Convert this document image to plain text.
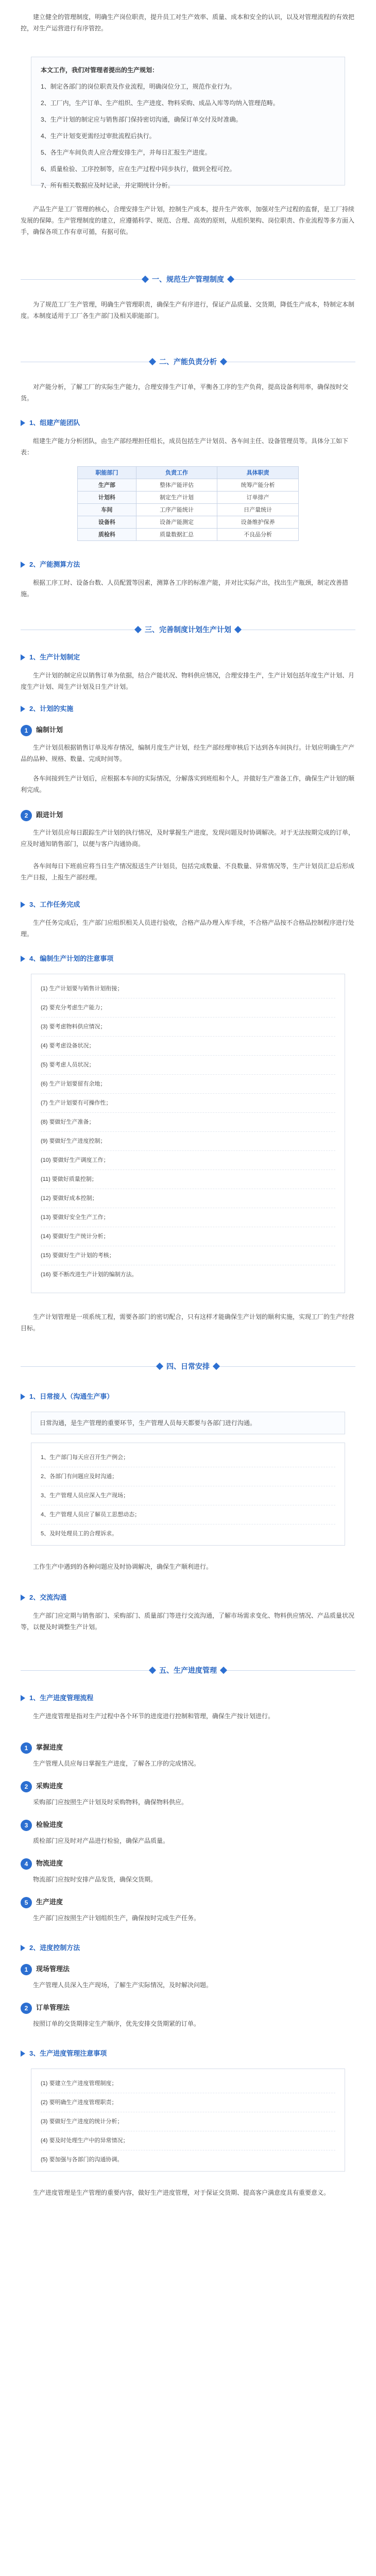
建立健全的管理制度，明确生产岗位职责，提升员工对生产效率、质量、成本和安全的认识，以及对管理流程的有效把控，对生产运营进行有序管控。

本文工作，我们对管理者提出的生产规划：
1、制定各部门的岗位职责及作业流程，明确岗位分工，规范作业行为。
2、工厂内，生产订单、生产组织、生产进度、物料采购、成品入库等均纳入管理范畴。
3、生产计划的制定应与销售部门保持密切沟通，确保订单交付及时准确。
4、生产计划变更需经过审批流程后执行。
5、各生产车间负责人应合理安排生产，并每日汇报生产进度。
6、质量检验、工序控制等，应在生产过程中同步执行，做到全程可控。
7、所有相关数据应及时记录，并定期统计分析。

产品生产是工厂管理的核心，合理安排生产计划，控制生产成本，提升生产效率，加强对生产过程的监督，是工厂持续发展的保障。生产管理制度的建立，应遵循科学、规范、合理、高效的原则，从组织架构、岗位职责、作业流程等多方面入手，确保各项工作有章可循，有据可依。

一、规范生产管理制度

为了规范工厂生产管理，明确生产管理职责，确保生产有序进行，保证产品质量、交货期，降低生产成本，特制定本制度。本制度适用于工厂各生产部门及相关职能部门。

二、产能负责分析

对产能分析，了解工厂的实际生产能力，合理安排生产订单，平衡各工序的生产负荷，提高设备利用率，确保按时交货。

1、组建产能团队

组建生产能力分析团队，由生产部经理担任组长，成员包括生产计划员、各车间主任、设备管理员等。具体分工如下表：

职能部门	负责工作	具体职责
生产部	整体产能评估	统筹产能分析
计划科	制定生产计划	订单排产
车间	工序产能统计	日产量统计
设备科	设备产能测定	设备维护保养
质检科	质量数据汇总	不良品分析
2、产能测算方法

根据工序工时、设备台数、人员配置等因素，测算各工序的标准产能，并对比实际产出，找出生产瓶颈，制定改善措施。

三、完善制度计划生产计划
1、生产计划制定

生产计划的制定应以销售订单为依据，结合产能状况、物料供应情况，合理安排生产，生产计划包括年度生产计划、月度生产计划、周生产计划及日生产计划。

2、计划的实施
1 编制计划

生产计划员根据销售订单及库存情况，编制月度生产计划，经生产部经理审核后下达到各车间执行。计划应明确生产产品的品种、规格、数量、完成时间等。

各车间接到生产计划后，应根据本车间的实际情况，分解落实到班组和个人，并做好生产准备工作，确保生产计划的顺利完成。

2 跟进计划

生产计划员应每日跟踪生产计划的执行情况，及时掌握生产进度，发现问题及时协调解决。对于无法按期完成的订单，应及时通知销售部门，以便与客户沟通协商。

各车间每日下班前应将当日生产情况报送生产计划员，包括完成数量、不良数量、异常情况等，生产计划员汇总后形成生产日报，上报生产部经理。

3、工作任务完成

生产任务完成后，生产部门应组织相关人员进行验收，合格产品办理入库手续，不合格产品按不合格品控制程序进行处理。

4、编制生产计划的注意事项
(1) 生产计划要与销售计划衔接；
(2) 要充分考虑生产能力；
(3) 要考虑物料供应情况；
(4) 要考虑设备状况；
(5) 要考虑人员状况；
(6) 生产计划要留有余地；
(7) 生产计划要有可操作性；
(8) 要做好生产准备；
(9) 要做好生产进度控制；
(10) 要做好生产调度工作；
(11) 要做好质量控制；
(12) 要做好成本控制；
(13) 要做好安全生产工作；
(14) 要做好生产统计分析；
(15) 要做好生产计划的考核；
(16) 要不断改进生产计划的编制方法。

生产计划管理是一项系统工程，需要各部门的密切配合，只有这样才能确保生产计划的顺利实施，实现工厂的生产经营目标。

四、日常安排
1、日常接人（沟通生产事）
日常沟通，是生产管理的重要环节，生产管理人员每天都要与各部门进行沟通。
1、生产部门每天应召开生产例会；
2、各部门有问题应及时沟通；
3、生产管理人员应深入生产现场；
4、生产管理人员应了解员工思想动态；
5、及时处理员工的合理诉求。

工作生产中遇到的各种问题应及时协调解决，确保生产顺利进行。

2、交流沟通

生产部门应定期与销售部门、采购部门、质量部门等进行交流沟通，了解市场需求变化、物料供应情况、产品质量状况等，以便及时调整生产计划。

五、生产进度管理
1、生产进度管理流程

生产进度管理是指对生产过程中各个环节的进度进行控制和管理，确保生产按计划进行。

1 掌握进度

生产管理人员应每日掌握生产进度，了解各工序的完成情况。

2 采购进度

采购部门应按照生产计划及时采购物料，确保物料供应。

3 检验进度

质检部门应及时对产品进行检验，确保产品质量。

4 物流进度

物流部门应按时安排产品发货，确保交货期。

5 生产进度

生产部门应按照生产计划组织生产，确保按时完成生产任务。

2、进度控制方法
1 现场管理法

生产管理人员深入生产现场，了解生产实际情况，及时解决问题。

2 订单管理法

按照订单的交货期排定生产顺序，优先安排交货期紧的订单。

3、生产进度管理注意事项
(1) 要建立生产进度管理制度；
(2) 要明确生产进度管理职责；
(3) 要做好生产进度的统计分析；
(4) 要及时处理生产中的异常情况；
(5) 要加强与各部门的沟通协调。

生产进度管理是生产管理的重要内容，做好生产进度管理，对于保证交货期、提高客户满意度具有重要意义。
